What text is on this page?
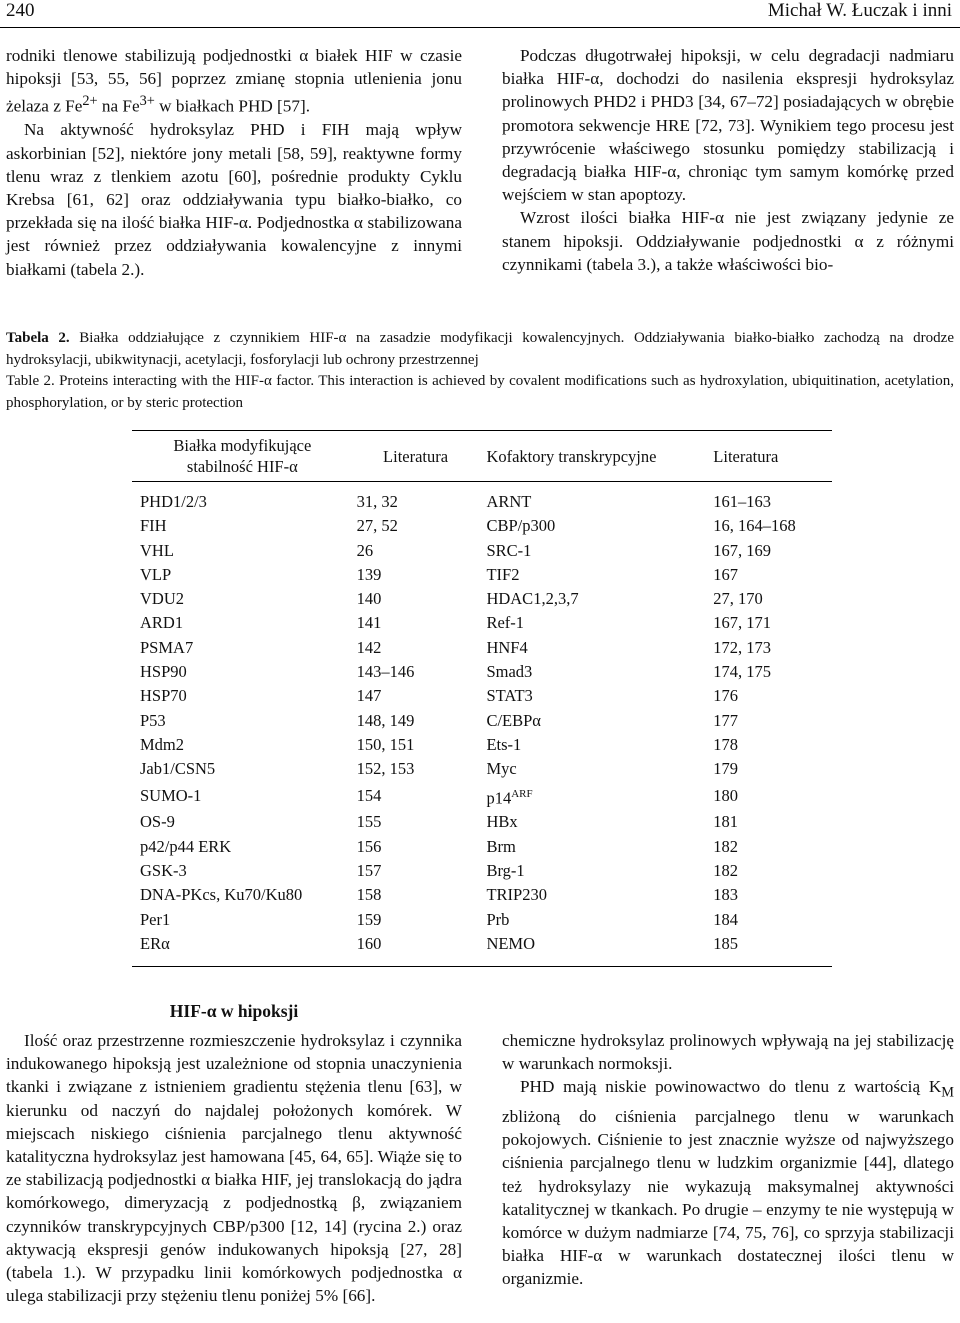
240	Michał W. Łuczak i inni

rodniki tlenowe stabilizują podjednostki α białek HIF w czasie hipoksji [53, 55, 56] poprzez zmianę stopnia utlenienia jonu żelaza z $Fe^{2+}$ na $Fe^{3+}$ w białkach PHD [57].

Na aktywność hydroksylaz PHD i FIH mają wpływ askorbinian [52], niektóre jony metali [58, 59], reaktywne formy tlenu wraz z tlenkiem azotu [60], pośrednie produkty Cyklu Krebsa [61, 62] oraz oddziaływania typu białko-białko, co przekłada się na ilość białka HIF-α. Podjednostka α stabilizowana jest również przez oddziaływania kowalencyjne z innymi białkami (tabela 2.).

Podczas długotrwałej hipoksji, w celu degradacji nadmiaru białka HIF-α, dochodzi do nasilenia ekspresji hydroksylaz prolinowych PHD2 i PHD3 [34, 67–72] posiadających w obrębie promotora sekwencje HRE [72, 73]. Wynikiem tego procesu jest przywrócenie właściwego stosunku pomiędzy stabilizacją i degradacją białka HIF-α, chroniąc tym samym komórkę przed wejściem w stan apoptozy.

Wzrost ilości białka HIF-α nie jest związany jedynie ze stanem hipoksji. Oddziaływanie podjednostki α z różnymi czynnikami (tabela 3.), a także właściwości bio-

Tabela 2. Białka oddziałujące z czynnikiem HIF-α na zasadzie modyfikacji kowalencyjnych. Oddziaływania białko-białko zachodzą na drodze hydroksylacji, ubikwitynacji, acetylacji, fosforylacji lub ochrony przestrzennej

Table 2. Proteins interacting with the HIF-α factor. This interaction is achieved by covalent modifications such as hydroxylation, ubiquitination, acetylation, phosphorylation, or by steric protection

Białka modyfikujące stabilność HIF-α	Literatura	Kofaktory transkrypcyjne	Literatura
PHD1/2/3	31, 32	ARNT	161–163
FIH	27, 52	CBP/p300	16, 164–168
VHL	26	SRC-1	167, 169
VLP	139	TIF2	167
VDU2	140	HDAC1,2,3,7	27, 170
ARD1	141	Ref-1	167, 171
PSMA7	142	HNF4	172, 173
HSP90	143–146	Smad3	174, 175
HSP70	147	STAT3	176
P53	148, 149	C/EBPα	177
Mdm2	150, 151	Ets-1	178
Jab1/CSN5	152, 153	Myc	179
SUMO-1	154	$p14^{ARF}$	180
OS-9	155	HBx	181
p42/p44 ERK	156	Brm	182
GSK-3	157	Brg-1	182
DNA-PKcs, Ku70/Ku80	158	TRIP230	183
Per1	159	Prb	184
ERα	160	NEMO	185
HIF-α w hipoksji

Ilość oraz przestrzenne rozmieszczenie hydroksylaz i czynnika indukowanego hipoksją jest uzależnione od stopnia unaczynienia tkanki i związane z istnieniem gradientu stężenia tlenu [63], w kierunku od naczyń do najdalej położonych komórek. W miejscach niskiego ciśnienia parcjalnego tlenu aktywność katalityczna hydroksylaz jest hamowana [45, 64, 65]. Wiąże się to ze stabilizacją podjednostki α białka HIF, jej translokacją do jądra komórkowego, dimeryzacją z podjednostką β, związaniem czynników transkrypcyjnych CBP/p300 [12, 14] (rycina 2.) oraz aktywacją ekspresji genów indukowanych hipoksją [27, 28] (tabela 1.). W przypadku linii komórkowych podjednostka α ulega stabilizacji przy stężeniu tlenu poniżej 5% [66].

chemiczne hydroksylaz prolinowych wpływają na jej stabilizację w warunkach normoksji.

PHD mają niskie powinowactwo do tlenu z wartością $K_M$ zbliżoną do ciśnienia parcjalnego tlenu w warunkach pokojowych. Ciśnienie to jest znacznie wyższe od najwyższego ciśnienia parcjalnego tlenu w ludzkim organizmie [44], dlatego też hydroksylazy nie wykazują maksymalnej aktywności katalitycznej w tkankach. Po drugie – enzymy te nie występują w komórce w dużym nadmiarze [74, 75, 76], co sprzyja stabilizacji białka HIF-α w warunkach dostatecznej ilości tlenu w organizmie.
